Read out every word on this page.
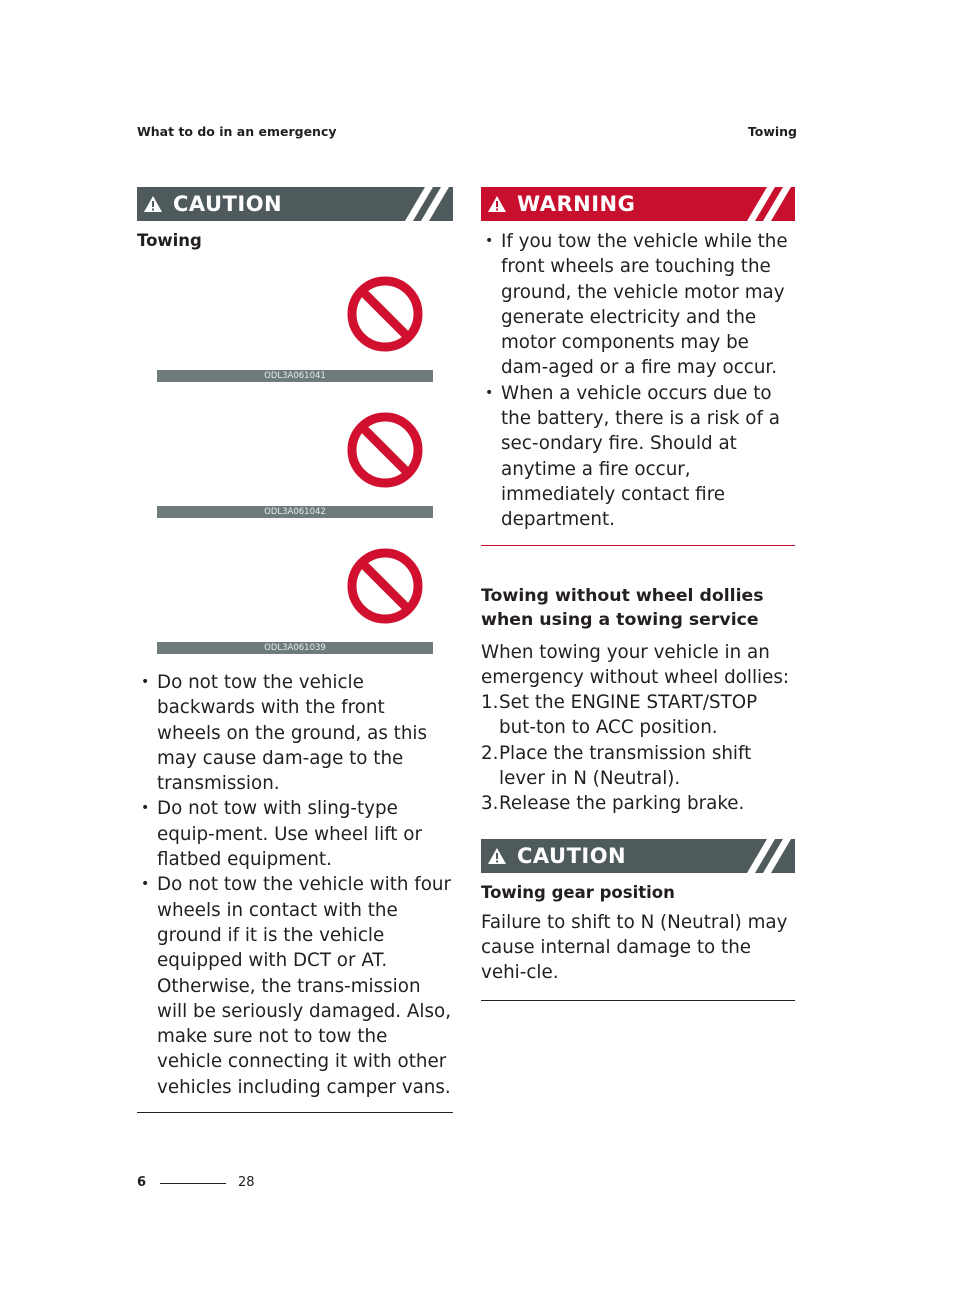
What to do in an emergency	Towing
CAUTION
Towing
ODL3A061041
ODL3A061042
ODL3A061039
• Do not tow the vehicle backwards with the front wheels on the ground, as this may cause dam-age to the transmission.
• Do not tow with sling-type equip-ment. Use wheel lift or flatbed equipment.
• Do not tow the vehicle with four wheels in contact with the ground if it is the vehicle equipped with DCT or AT. Otherwise, the trans-mission will be seriously damaged. Also, make sure not to tow the vehicle connecting it with other vehicles including camper vans.
WARNING
• If you tow the vehicle while the front wheels are touching the ground, the vehicle motor may generate electricity and the motor components may be dam-aged or a fire may occur.
• When a vehicle occurs due to the battery, there is a risk of a sec-ondary fire. Should at anytime a fire occur, immediately contact fire department.
Towing without wheel dollies when using a towing service
When towing your vehicle in an emergency without wheel dollies:
1. Set the ENGINE START/STOP but-ton to ACC position.
2. Place the transmission shift lever in N (Neutral).
3. Release the parking brake.
CAUTION
Towing gear position
Failure to shift to N (Neutral) may cause internal damage to the vehi-cle.
6	28
